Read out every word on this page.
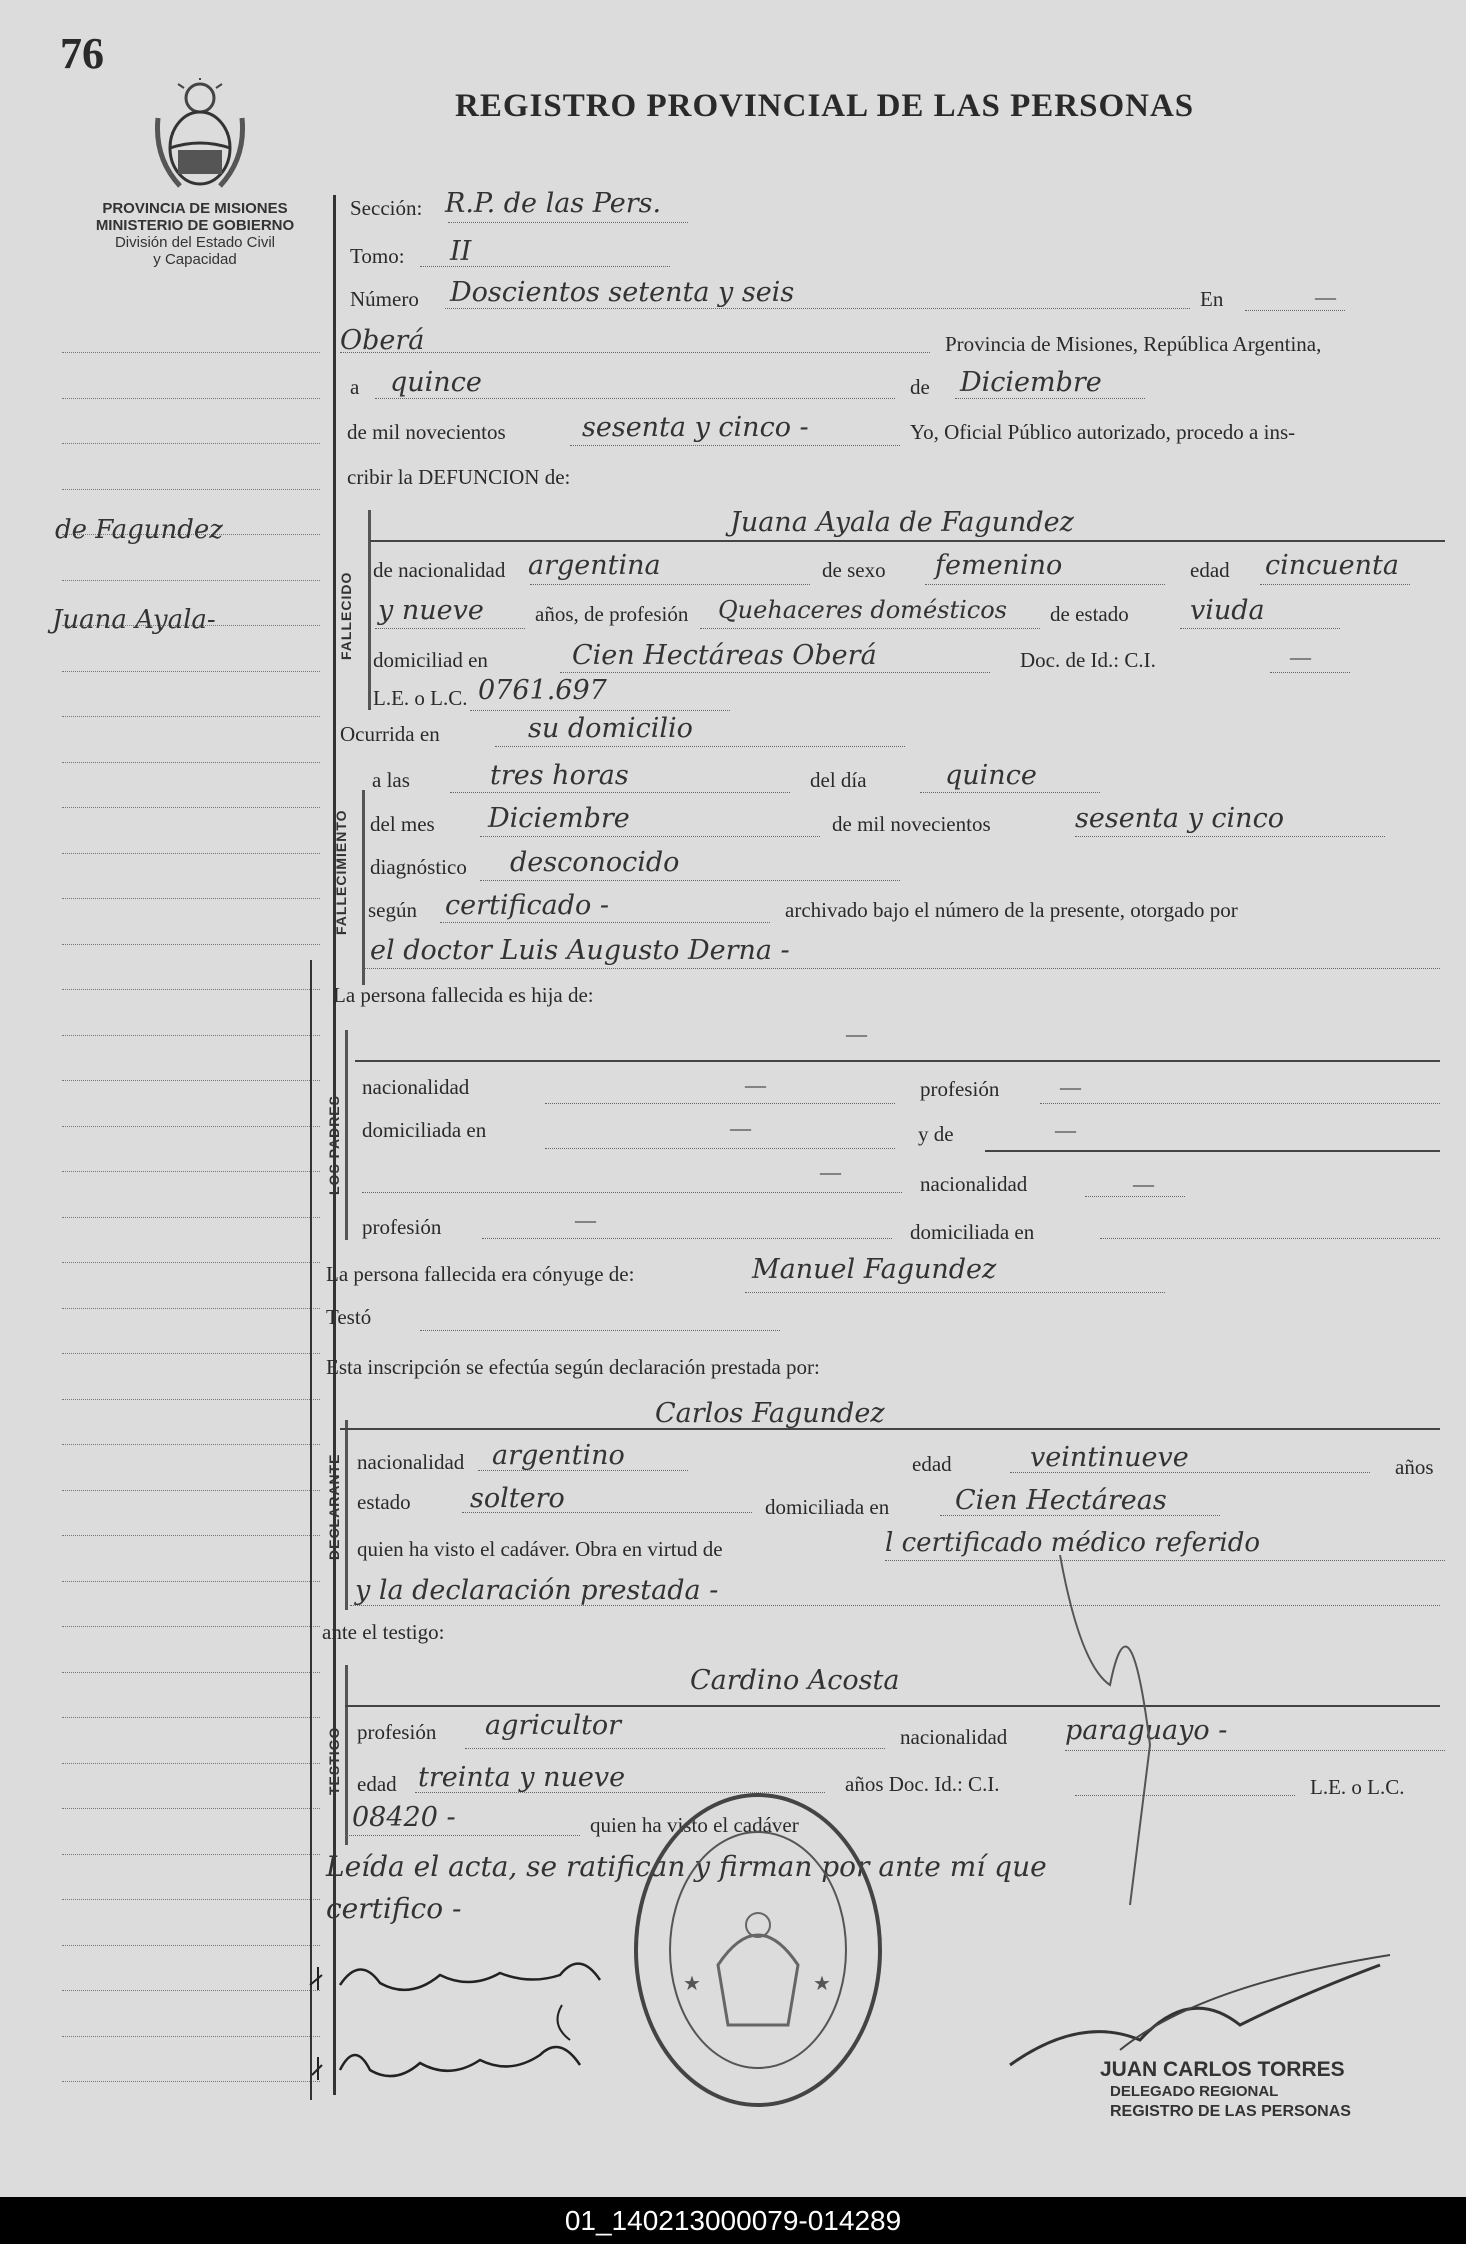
76
REGISTRO PROVINCIAL DE LAS PERSONAS
PROVINCIA DE MISIONES
MINISTERIO DE GOBIERNO
División del Estado Civil
y Capacidad
de Fagundez
Juana Ayala-	FALLECIDO
FALLECIMIENTO
LOS PADRES
DECLARANTE
TESTIGO
Sección: R.P. de las Pers.
Tomo: II
Número Doscientos setenta y seis	En	—
Oberá	Provincia de Misiones, República Argentina,
a quince	de Diciembre
de mil novecientos	sesenta y cinco -	Yo, Oficial Público autorizado, procedo a ins-
cribir la DEFUNCION de:
Juana Ayala de Fagundez
de nacionalidad argentina	de sexo femenino	edad cincuenta
y nueve años, de profesión Quehaceres domésticos de estado viuda
domiciliad en	Cien Hectáreas Oberá	Doc. de Id.: C.I.	—
L.E. o L.C. 0761.697
Ocurrida en	su domicilio
a las	tres horas	del día	quince
del mes Diciembre	de mil novecientos	sesenta y cinco
diagnóstico desconocido
según certificado -	archivado bajo el número de la presente, otorgado por
el doctor Luis Augusto Derna -
La persona fallecida es hija de:
—
nacionalidad	—	profesión	—
domiciliada en	—	y de	—
—	nacionalidad	—
profesión	—	domiciliada en
La persona fallecida era cónyuge de:	Manuel Fagundez
Testó
Esta inscripción se efectúa según declaración prestada por:
Carlos Fagundez
nacionalidad argentino	edad	veintinueve	años
estado soltero	domiciliada en Cien Hectáreas
quien ha visto el cadáver. Obra en virtud de	l certificado médico referido
y la declaración prestada -
ante el testigo:
Cardino Acosta
profesión agricultor	nacionalidad paraguayo -
edad treinta y nueve	años Doc. Id.: C.I.	L.E. o L.C.
08420 -	quien ha visto el cadáver
Leída el acta, se ratifican y firman por ante mí que
certifico -
★	★
JUAN CARLOS TORRES
DELEGADO REGIONAL
REGISTRO DE LAS PERSONAS
01_140213000079-014289
